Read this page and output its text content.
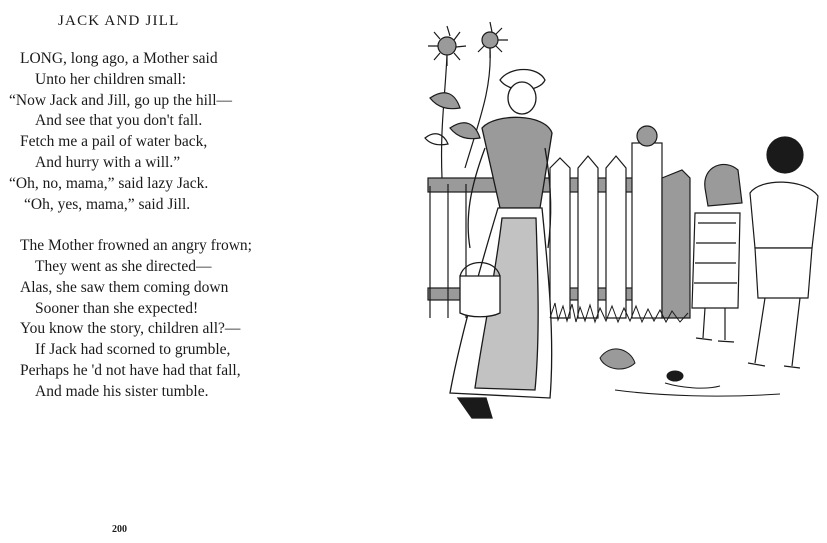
JACK AND JILL
LONG, long ago, a Mother said
Unto her children small:
“Now Jack and Jill, go up the hill—
And see that you don't fall.
Fetch me a pail of water back,
And hurry with a will.”
“Oh, no, mama,” said lazy Jack.
“Oh, yes, mama,” said Jill.
The Mother frowned an angry frown;
They went as she directed—
Alas, she saw them coming down
Sooner than she expected!
You know the story, children all?—
If Jack had scorned to grumble,
Perhaps he 'd not have had that fall,
And made his sister tumble.
200
